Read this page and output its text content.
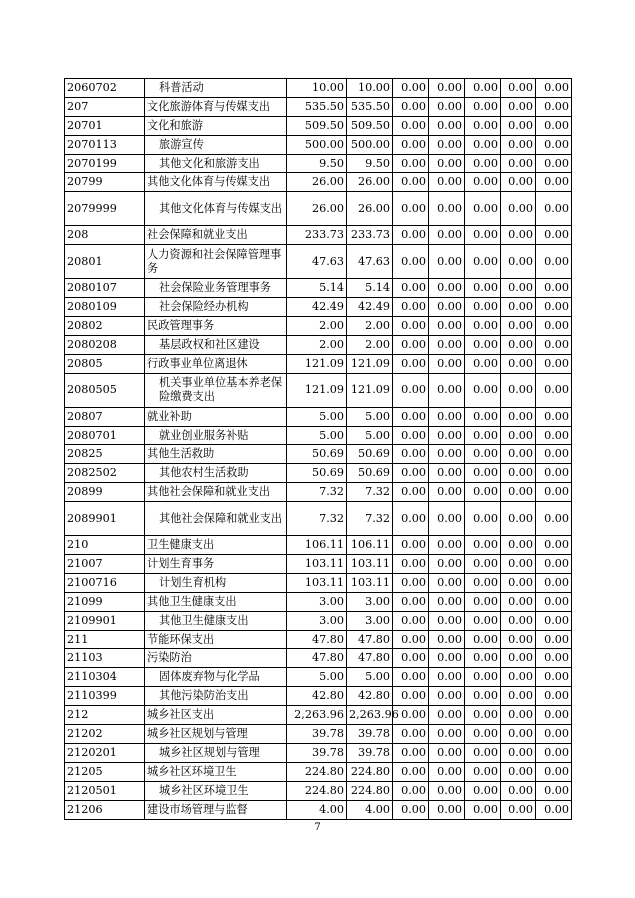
2060702	科普活动	10.00	10.00	0.00	0.00	0.00	0.00	0.00
207	文化旅游体育与传媒支出	535.50	535.50	0.00	0.00	0.00	0.00	0.00
20701	文化和旅游	509.50	509.50	0.00	0.00	0.00	0.00	0.00
2070113	旅游宣传	500.00	500.00	0.00	0.00	0.00	0.00	0.00
2070199	其他文化和旅游支出	9.50	9.50	0.00	0.00	0.00	0.00	0.00
20799	其他文化体育与传媒支出	26.00	26.00	0.00	0.00	0.00	0.00	0.00
2079999	其他文化体育与传媒支出	26.00	26.00	0.00	0.00	0.00	0.00	0.00
208	社会保障和就业支出	233.73	233.73	0.00	0.00	0.00	0.00	0.00
20801	人力资源和社会保障管理事务	47.63	47.63	0.00	0.00	0.00	0.00	0.00
2080107	社会保险业务管理事务	5.14	5.14	0.00	0.00	0.00	0.00	0.00
2080109	社会保险经办机构	42.49	42.49	0.00	0.00	0.00	0.00	0.00
20802	民政管理事务	2.00	2.00	0.00	0.00	0.00	0.00	0.00
2080208	基层政权和社区建设	2.00	2.00	0.00	0.00	0.00	0.00	0.00
20805	行政事业单位离退休	121.09	121.09	0.00	0.00	0.00	0.00	0.00
2080505	机关事业单位基本养老保险缴费支出	121.09	121.09	0.00	0.00	0.00	0.00	0.00
20807	就业补助	5.00	5.00	0.00	0.00	0.00	0.00	0.00
2080701	就业创业服务补贴	5.00	5.00	0.00	0.00	0.00	0.00	0.00
20825	其他生活救助	50.69	50.69	0.00	0.00	0.00	0.00	0.00
2082502	其他农村生活救助	50.69	50.69	0.00	0.00	0.00	0.00	0.00
20899	其他社会保障和就业支出	7.32	7.32	0.00	0.00	0.00	0.00	0.00
2089901	其他社会保障和就业支出	7.32	7.32	0.00	0.00	0.00	0.00	0.00
210	卫生健康支出	106.11	106.11	0.00	0.00	0.00	0.00	0.00
21007	计划生育事务	103.11	103.11	0.00	0.00	0.00	0.00	0.00
2100716	计划生育机构	103.11	103.11	0.00	0.00	0.00	0.00	0.00
21099	其他卫生健康支出	3.00	3.00	0.00	0.00	0.00	0.00	0.00
2109901	其他卫生健康支出	3.00	3.00	0.00	0.00	0.00	0.00	0.00
211	节能环保支出	47.80	47.80	0.00	0.00	0.00	0.00	0.00
21103	污染防治	47.80	47.80	0.00	0.00	0.00	0.00	0.00
2110304	固体废弃物与化学品	5.00	5.00	0.00	0.00	0.00	0.00	0.00
2110399	其他污染防治支出	42.80	42.80	0.00	0.00	0.00	0.00	0.00
212	城乡社区支出	2,263.96	2,263.96	0.00	0.00	0.00	0.00	0.00
21202	城乡社区规划与管理	39.78	39.78	0.00	0.00	0.00	0.00	0.00
2120201	城乡社区规划与管理	39.78	39.78	0.00	0.00	0.00	0.00	0.00
21205	城乡社区环境卫生	224.80	224.80	0.00	0.00	0.00	0.00	0.00
2120501	城乡社区环境卫生	224.80	224.80	0.00	0.00	0.00	0.00	0.00
21206	建设市场管理与监督	4.00	4.00	0.00	0.00	0.00	0.00	0.00
7
